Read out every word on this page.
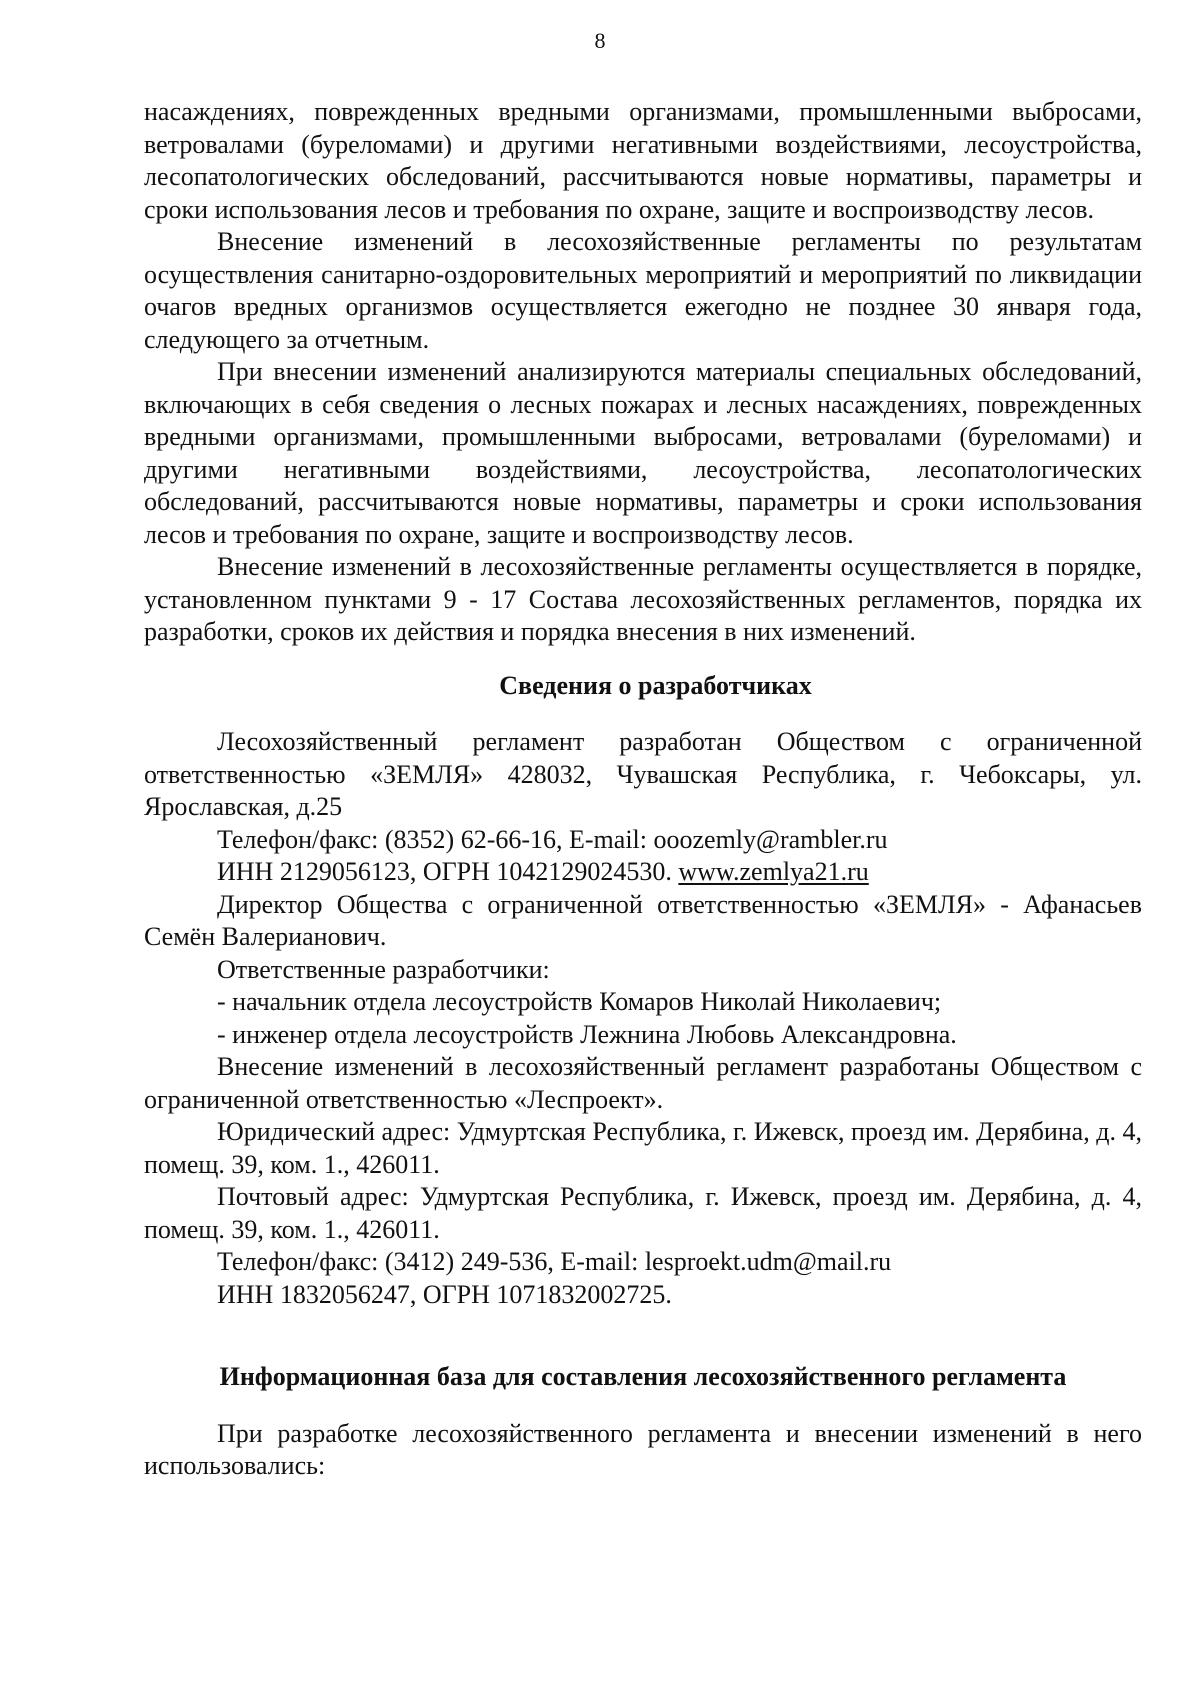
8

насаждениях, поврежденных вредными организмами, промышленными выбросами, ветровалами (буреломами) и другими негативными воздействиями, лесоустройства, лесопатологических обследований, рассчитываются новые нормативы, параметры и сроки использования лесов и требования по охране, защите и воспроизводству лесов.

Внесение изменений в лесохозяйственные регламенты по результатам осуществления санитарно-оздоровительных мероприятий и мероприятий по ликвидации очагов вредных организмов осуществляется ежегодно не позднее 30 января года, следующего за отчетным.

При внесении изменений анализируются материалы специальных обследований, включающих в себя сведения о лесных пожарах и лесных насаждениях, поврежденных вредными организмами, промышленными выбросами, ветровалами (буреломами) и другими негативными воздействиями, лесоустройства, лесопатологических обследований, рассчитываются новые нормативы, параметры и сроки использования лесов и требования по охране, защите и воспроизводству лесов.

Внесение изменений в лесохозяйственные регламенты осуществляется в порядке, установленном пунктами 9 - 17 Состава лесохозяйственных регламентов, порядка их разработки, сроков их действия и порядка внесения в них изменений.

Сведения о разработчиках

Лесохозяйственный регламент разработан Обществом с ограниченной ответственностью «ЗЕМЛЯ» 428032, Чувашская Республика, г. Чебоксары, ул. Ярославская, д.25

Телефон/факс: (8352) 62-66-16, E-mail: ooozemly@rambler.ru

ИНН 2129056123, ОГРН 1042129024530. www.zemlya21.ru

Директор Общества с ограниченной ответственностью «ЗЕМЛЯ» - Афанасьев Семён Валерианович.

Ответственные разработчики:

- начальник отдела лесоустройств Комаров Николай Николаевич;

- инженер отдела лесоустройств Лежнина Любовь Александровна.

Внесение изменений в лесохозяйственный регламент разработаны Обществом с ограниченной ответственностью «Леспроект».

Юридический адрес: Удмуртская Республика, г. Ижевск, проезд им. Дерябина, д. 4, помещ. 39, ком. 1., 426011.

Почтовый адрес: Удмуртская Республика, г. Ижевск, проезд им. Дерябина, д. 4, помещ. 39, ком. 1., 426011.

Телефон/факс: (3412) 249-536, E-mail: lesproekt.udm@mail.ru

ИНН 1832056247, ОГРН 1071832002725.

Информационная база для составления лесохозяйственного регламента

При разработке лесохозяйственного регламента и внесении изменений в него использовались:
